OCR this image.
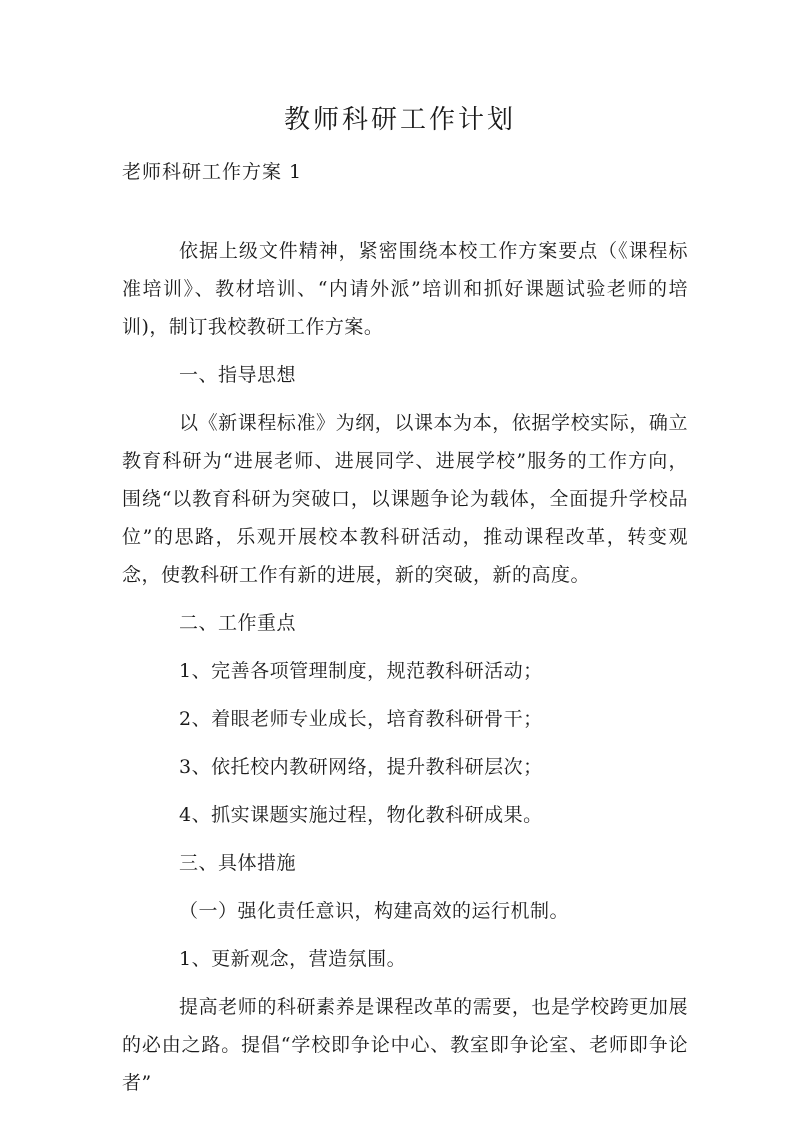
教师科研工作计划
老师科研工作方案 1

依据上级文件精神，紧密围绕本校工作方案要点（《课程标准培训》、教材培训、“内请外派”培训和抓好课题试验老师的培训)，制订我校教研工作方案。

一、指导思想

以《新课程标准》为纲，以课本为本，依据学校实际，确立教育科研为“进展老师、进展同学、进展学校”服务的工作方向，围绕“以教育科研为突破口，以课题争论为载体，全面提升学校品位”的思路，乐观开展校本教科研活动，推动课程改革，转变观念，使教科研工作有新的进展，新的突破，新的高度。

二、工作重点

1、完善各项管理制度，规范教科研活动；

2、着眼老师专业成长，培育教科研骨干；

3、依托校内教研网络，提升教科研层次；

4、抓实课题实施过程，物化教科研成果。

三、具体措施

（一）强化责任意识，构建高效的运行机制。

1、更新观念，营造氛围。

提高老师的科研素养是课程改革的需要，也是学校跨更加展的必由之路。提倡“学校即争论中心、教室即争论室、老师即争论者”
